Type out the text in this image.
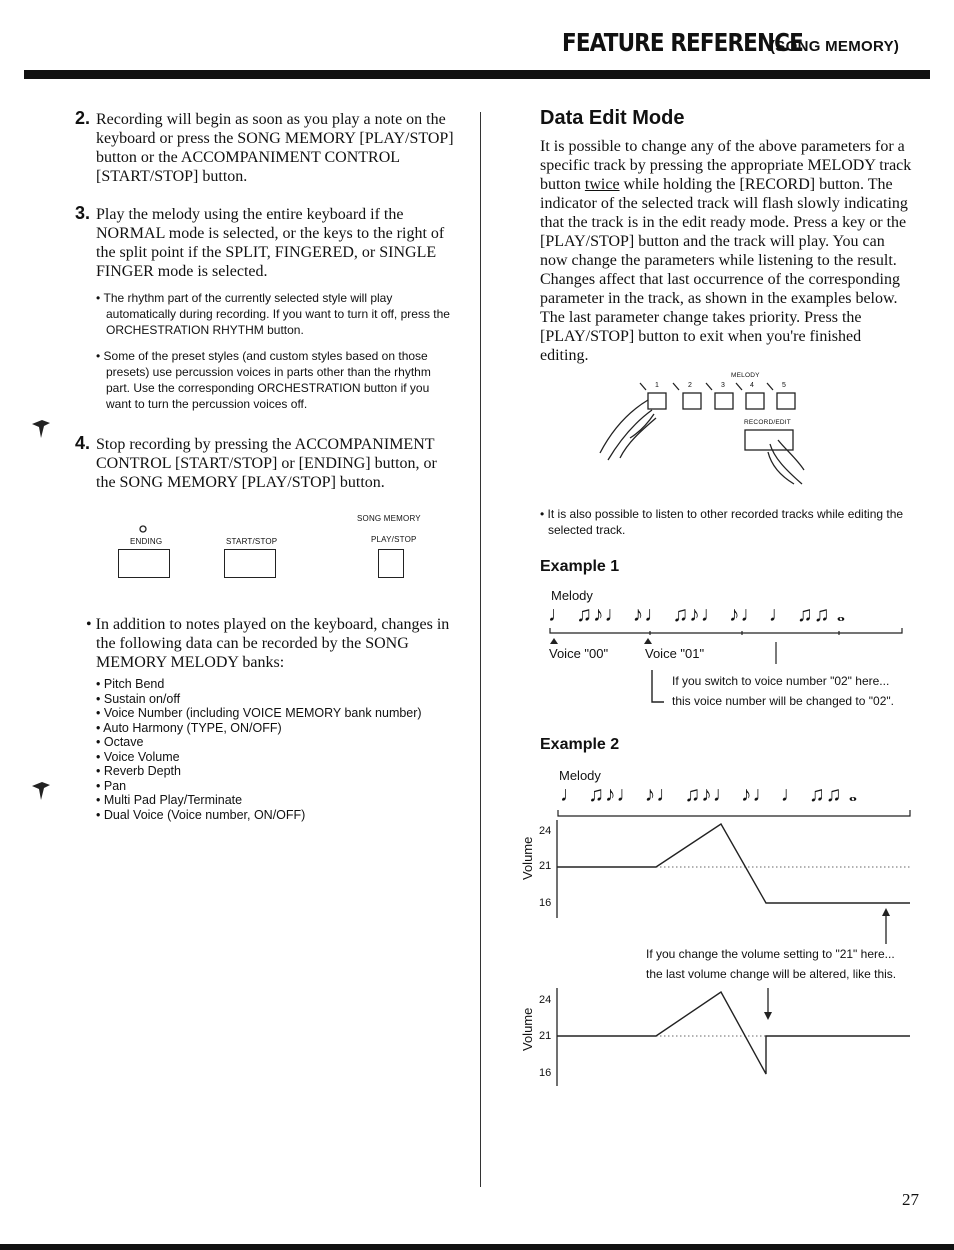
FEATURE REFERENCE
(SONG MEMORY)
2. Recording will begin as soon as you play a note on the keyboard or press the SONG MEMORY [PLAY/STOP] button or the ACCOMPANIMENT CONTROL [START/STOP] button.
3. Play the melody using the entire keyboard if the NORMAL mode is selected, or the keys to the right of the split point if the SPLIT, FINGERED, or SINGLE FINGER mode is selected.
• The rhythm part of the currently selected style will play automatically during recording. If you want to turn it off, press the ORCHESTRATION RHYTHM button.
• Some of the preset styles (and custom styles based on those presets) use percussion voices in parts other than the rhythm part. Use the corresponding ORCHESTRATION button if you want to turn the percussion voices off.
4. Stop recording by pressing the ACCOMPANIMENT CONTROL [START/STOP] or [ENDING] button, or the SONG MEMORY [PLAY/STOP] button.
SONG MEMORY
ENDING	START/STOP	PLAY/STOP
• In addition to notes played on the keyboard, changes in the following data can be recorded by the SONG MEMORY MELODY banks:
• Pitch Bend
• Sustain on/off
• Voice Number (including VOICE MEMORY bank number)
• Auto Harmony (TYPE, ON/OFF)
• Octave
• Voice Volume
• Reverb Depth
• Pan
• Multi Pad Play/Terminate
• Dual Voice (Voice number, ON/OFF)
Data Edit Mode
It is possible to change any of the above parameters for a specific track by pressing the appropriate MELODY track button twice while holding the [RECORD] button. The indicator of the selected track will flash slowly indicating that the track is in the edit ready mode. Press a key or the [PLAY/STOP] button and the track will play. You can now change the parameters while listening to the result. Changes affect that last occurrence of the corresponding parameter in the track, as shown in the examples below. The last parameter change takes priority. Press the [PLAY/STOP] button to exit when you're finished editing.
MELODY
1	2	3	4	5
RECORD/EDIT
• It is also possible to listen to other recorded tracks while editing the selected track.
Example 1
Melody
♩ ♫♪♩ ♪♩ ♫♪♩ ♪♩ ♩ ♫♫ 𝅝
Voice "00"	Voice "01"
If you switch to voice number "02" here...
this voice number will be changed to "02".
Example 2
Melody
♩ ♫♪♩ ♪♩ ♫♪♩ ♪♩ ♩ ♫♫ 𝅝
Volume
24
21
16
If you change the volume setting to "21" here...
the last volume change will be altered, like this.
Volume
24
21
16
27
